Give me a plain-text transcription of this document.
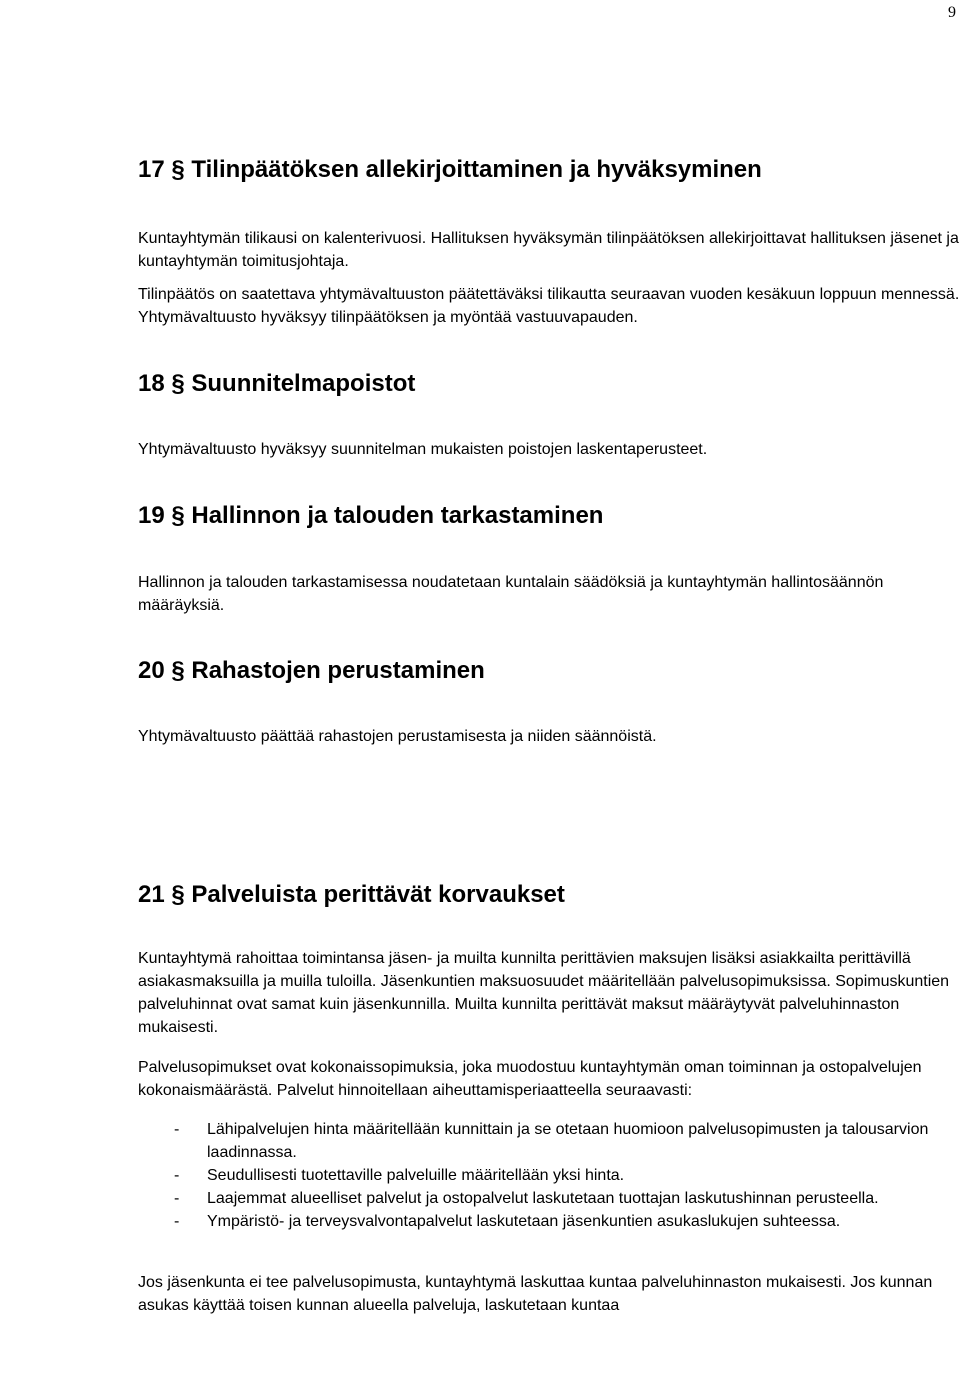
9
17 § Tilinpäätöksen allekirjoittaminen ja hyväksyminen

Kuntayhtymän tilikausi on kalenterivuosi. Hallituksen hyväksymän tilinpäätöksen allekirjoittavat hallituksen jäsenet ja kuntayhtymän toimitusjohtaja.

Tilinpäätös on saatettava yhtymävaltuuston päätettäväksi tilikautta seuraavan vuoden kesäkuun loppuun mennessä. Yhtymävaltuusto hyväksyy tilinpäätöksen ja myöntää vastuuvapauden.

18 § Suunnitelmapoistot

Yhtymävaltuusto hyväksyy suunnitelman mukaisten poistojen laskentaperusteet.

19 § Hallinnon ja talouden tarkastaminen

Hallinnon ja talouden tarkastamisessa noudatetaan kuntalain säädöksiä ja kuntayhtymän hallintosäännön määräyksiä.

20 § Rahastojen perustaminen

Yhtymävaltuusto päättää rahastojen perustamisesta ja niiden säännöistä.

21 § Palveluista perittävät korvaukset

Kuntayhtymä rahoittaa toimintansa jäsen- ja muilta kunnilta perittävien maksujen lisäksi asiakkailta perittävillä asiakasmaksuilla ja muilla tuloilla. Jäsenkuntien maksuosuudet määritellään palvelusopimuksissa. Sopimuskuntien palveluhinnat ovat samat kuin jäsenkunnilla. Muilta kunnilta perittävät maksut määräytyvät palveluhinnaston mukaisesti.

Palvelusopimukset ovat kokonaissopimuksia, joka muodostuu kuntayhtymän oman toiminnan ja ostopalvelujen kokonaismäärästä. Palvelut hinnoitellaan aiheuttamisperiaatteella seuraavasti:

- Lähipalvelujen hinta määritellään kunnittain ja se otetaan huomioon palvelusopimusten ja talousarvion laadinnassa.
- Seudullisesti tuotettaville palveluille määritellään yksi hinta.
- Laajemmat alueelliset palvelut ja ostopalvelut laskutetaan tuottajan laskutushinnan perusteella.
- Ympäristö- ja terveysvalvontapalvelut laskutetaan jäsenkuntien asukaslukujen suhteessa.

Jos jäsenkunta ei tee palvelusopimusta, kuntayhtymä laskuttaa kuntaa palveluhinnaston mukaisesti. Jos kunnan asukas käyttää toisen kunnan alueella palveluja, laskutetaan kuntaa
